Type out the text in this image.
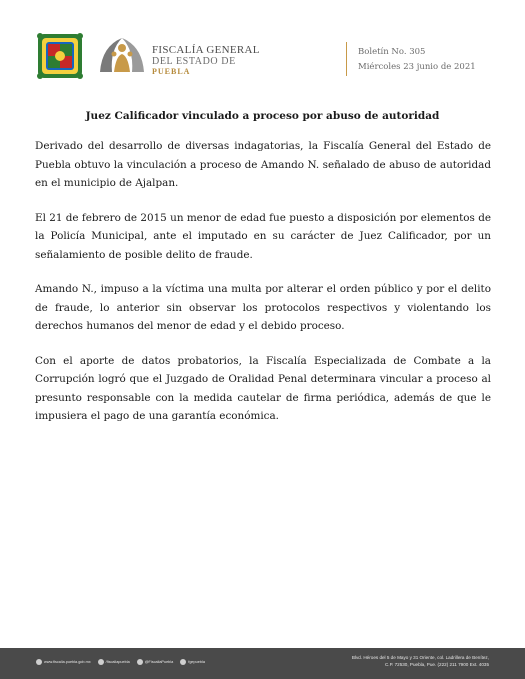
FISCALÍA GENERAL
DEL ESTADO DE
PUEBLA
Boletín No. 305
Miércoles 23 junio de 2021
Juez Calificador vinculado a proceso por abuso de autoridad

Derivado del desarrollo de diversas indagatorias, la Fiscalía General del Estado de Puebla obtuvo la vinculación a proceso de Amando N. señalado de abuso de autoridad en el municipio de Ajalpan.

El 21 de febrero de 2015 un menor de edad fue puesto a disposición por elementos de la Policía Municipal, ante el imputado en su carácter de Juez Calificador, por un señalamiento de posible delito de fraude.

Amando N., impuso a la víctima una multa por alterar el orden público y por el delito de fraude, lo anterior sin observar los protocolos respectivos y violentando los derechos humanos del menor de edad y el debido proceso.

Con el aporte de datos probatorios, la Fiscalía Especializada de Combate a la Corrupción logró que el Juzgado de Oralidad Penal determinara vincular a proceso al presunto responsable con la medida cautelar de firma periódica, además de que le impusiera el pago de una garantía económica.

www.fiscalia.puebla.gob.mx	/fiscaliapuebla	@FiscaliaPuebla	fgepuebla
Blvd. Héroes del 5 de Mayo y 31 Oriente, col. Ladrillera de Benítez,
C.P. 72530, Puebla, Pue. (222) 211 7900 Ext. 4035
